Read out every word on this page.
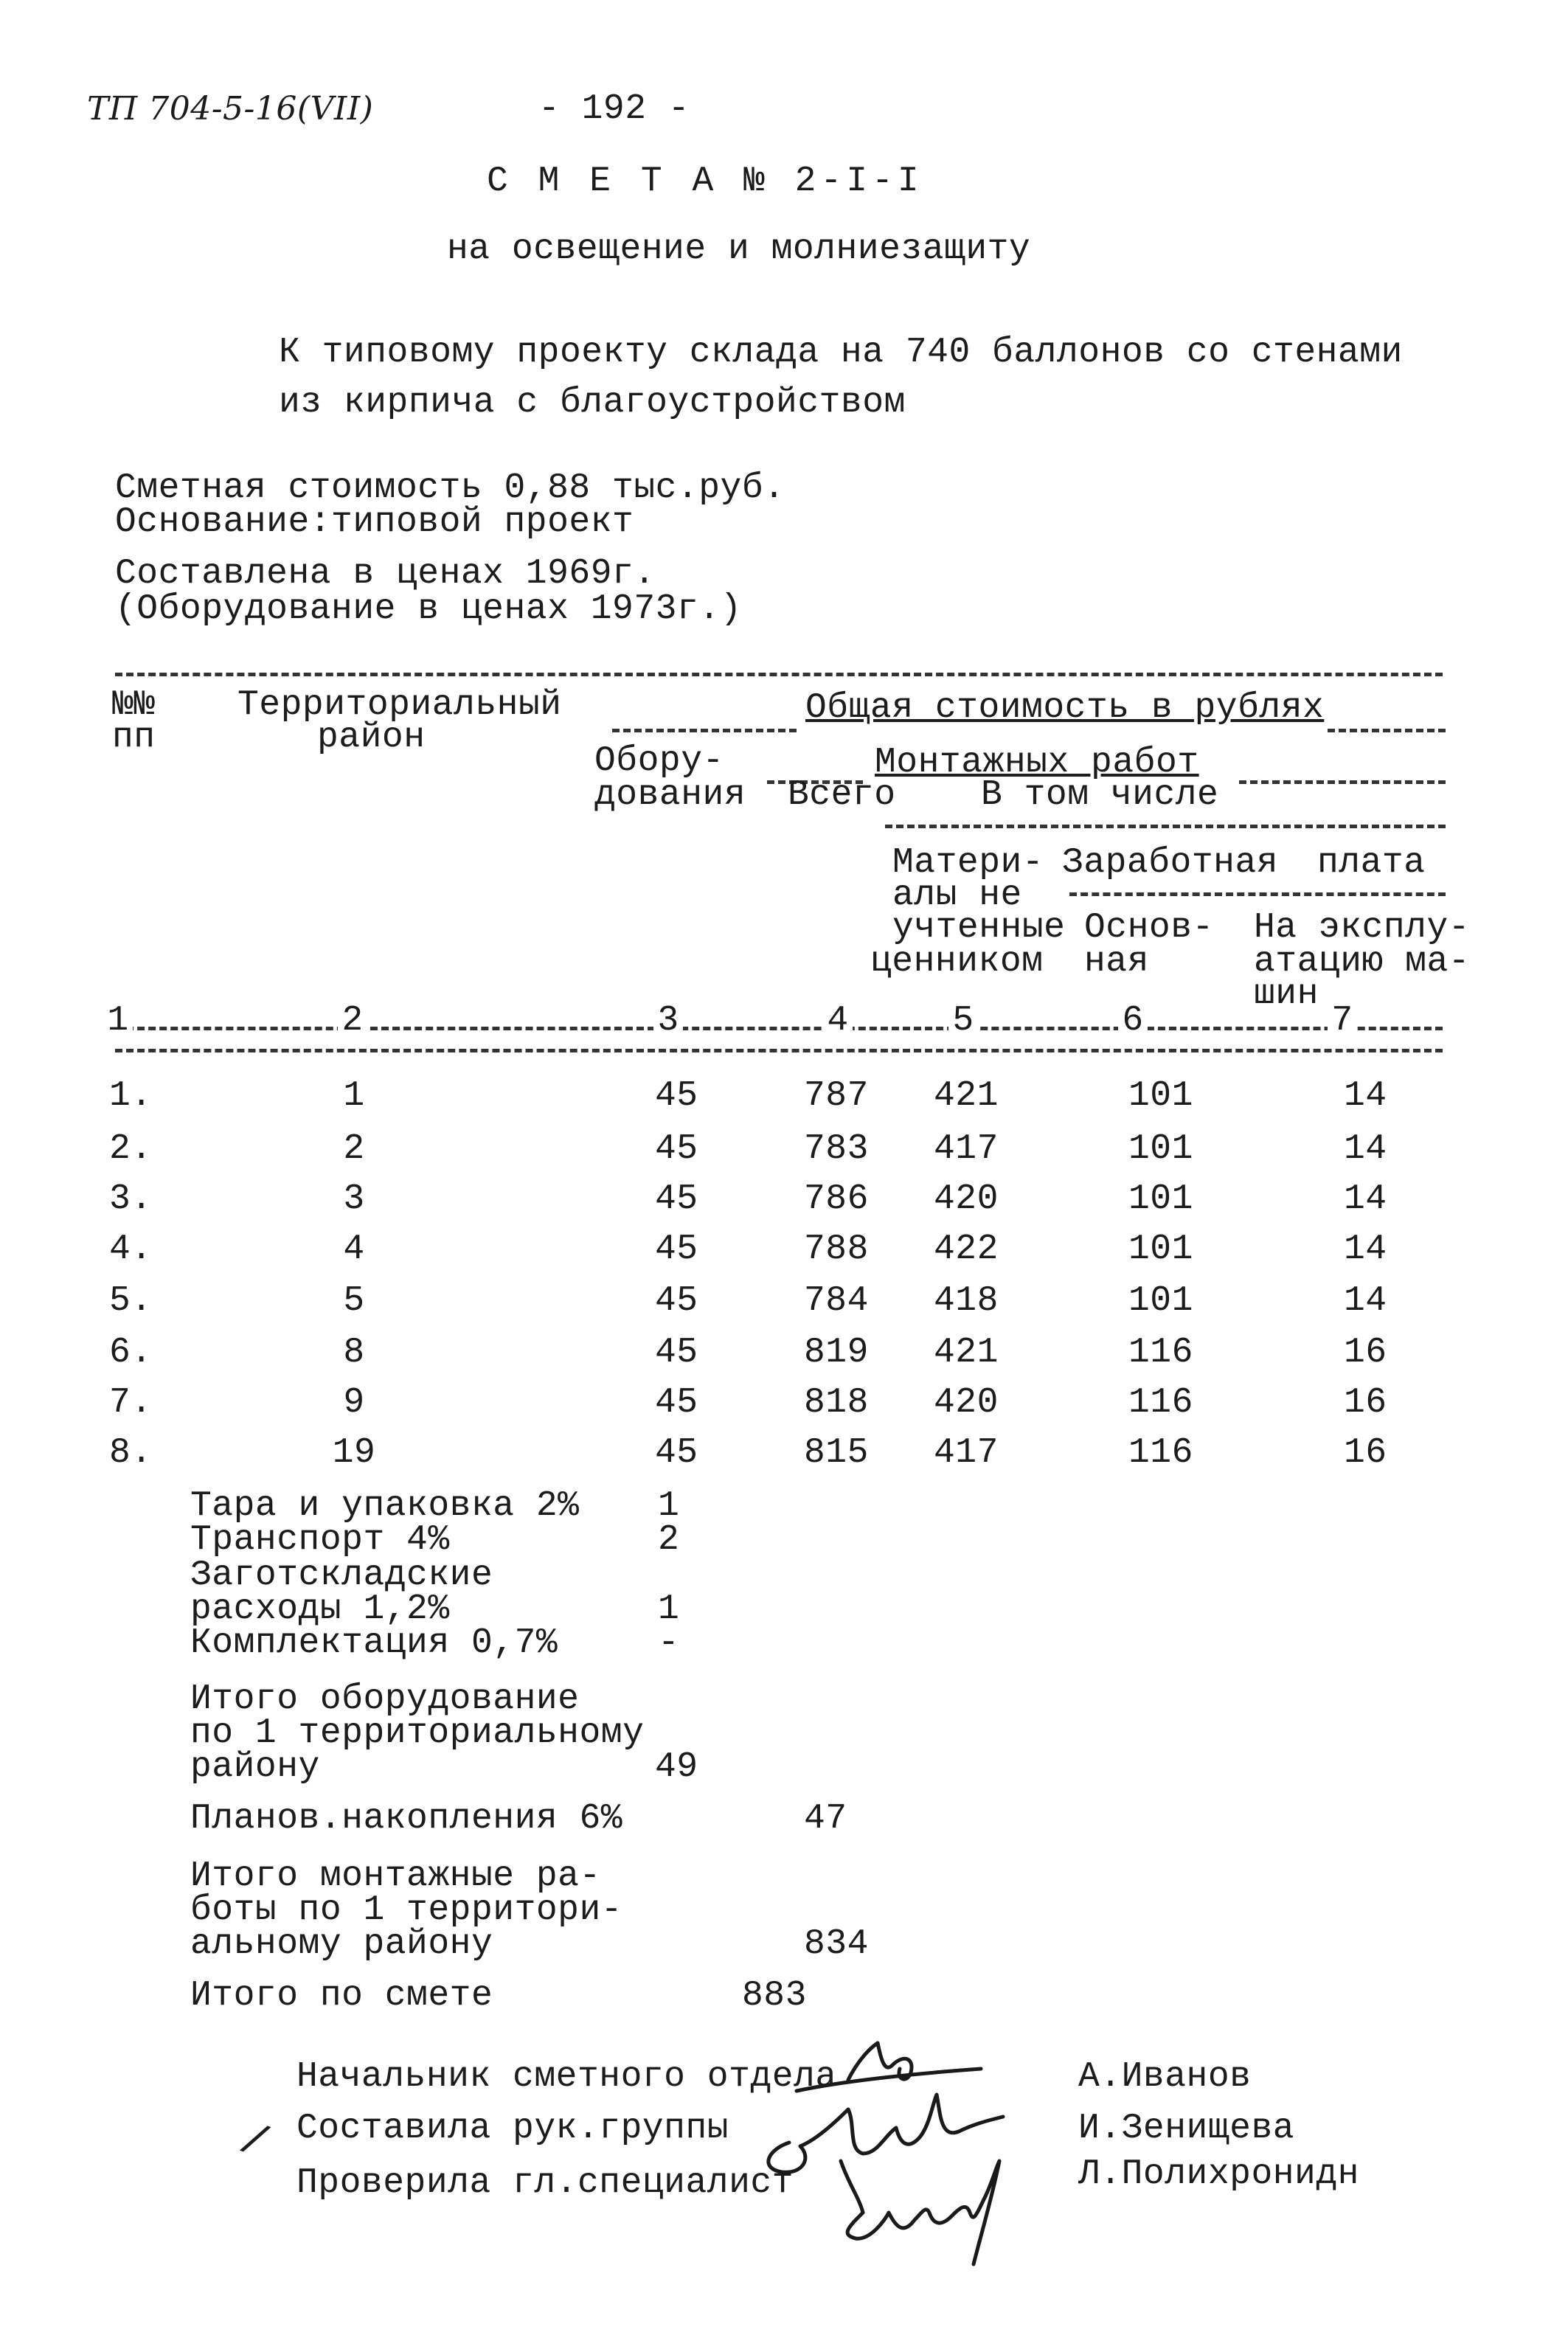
ТП 704-5-16(VII)	- 192 -
С М Е Т А № 2-I-I
на освещение и молниезащиту
К типовому проекту склада на 740 баллонов со стенами
из кирпича с благоустройством
Сметная стоимость 0,88 тыс.руб.
Основание:типовой проект
Составлена в ценах 1969г.
(Оборудование в ценах 1973г.)
№№
пп
Территориальный
район
Общая стоимость в рублях
Обору-
дования
Монтажных работ
Всего В том числе
Матери-
алы не
учтенные
ценником
Заработная плата
Основ-
ная
На эксплу-
атацию ма-
шин
1	2	3	4	5	6	7
1.	1	45	787 421	101	14
2.	2	45	783 417	101	14
3.	3	45	786 420	101	14
4.	4	45	788 422	101	14
5.	5	45	784 418	101	14
6.	8	45	819 421	116	16
7.	9	45	818 420	116	16
8.	19	45	815 417	116	16
Тара и упаковка 2% 1
Транспорт 4%	2
Заготскладские
расходы 1,2%	1
Комплектация 0,7%	-
Итого оборудование
по 1 территориальному
району	49
Планов.накопления 6%	47
Итого монтажные ра-
боты по 1 территори-
альному району	834
Итого по смете	883
Начальник сметного отдела	А.Иванов
Составила рук.группы	И.Зенищева
Проверила гл.специалист	Л.Полихронидн
/
